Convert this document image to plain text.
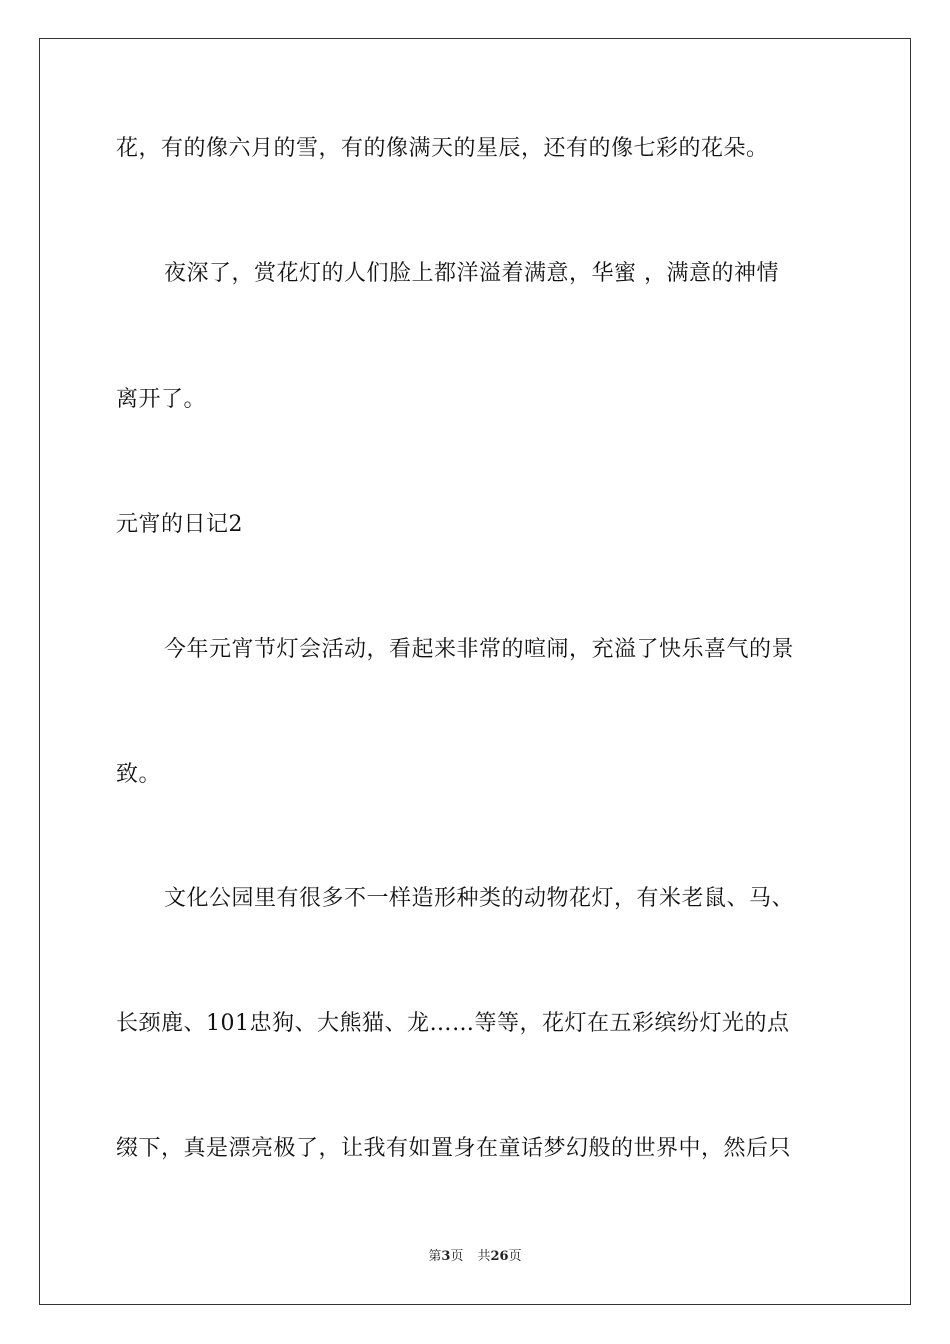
花，有的像六月的雪，有的像满天的星辰，还有的像七彩的花朵。
夜深了，赏花灯的人们脸上都洋溢着满意，华蜜 ，满意的神情
离开了。
元宵的日记2
今年元宵节灯会活动，看起来非常的喧闹，充溢了快乐喜气的景
致。
文化公园里有很多不一样造形种类的动物花灯，有米老鼠、马、
长颈鹿、101忠狗、大熊猫、龙……等等，花灯在五彩缤纷灯光的点
缀下，真是漂亮极了，让我有如置身在童话梦幻般的世界中，然后只
第3页 共26页
